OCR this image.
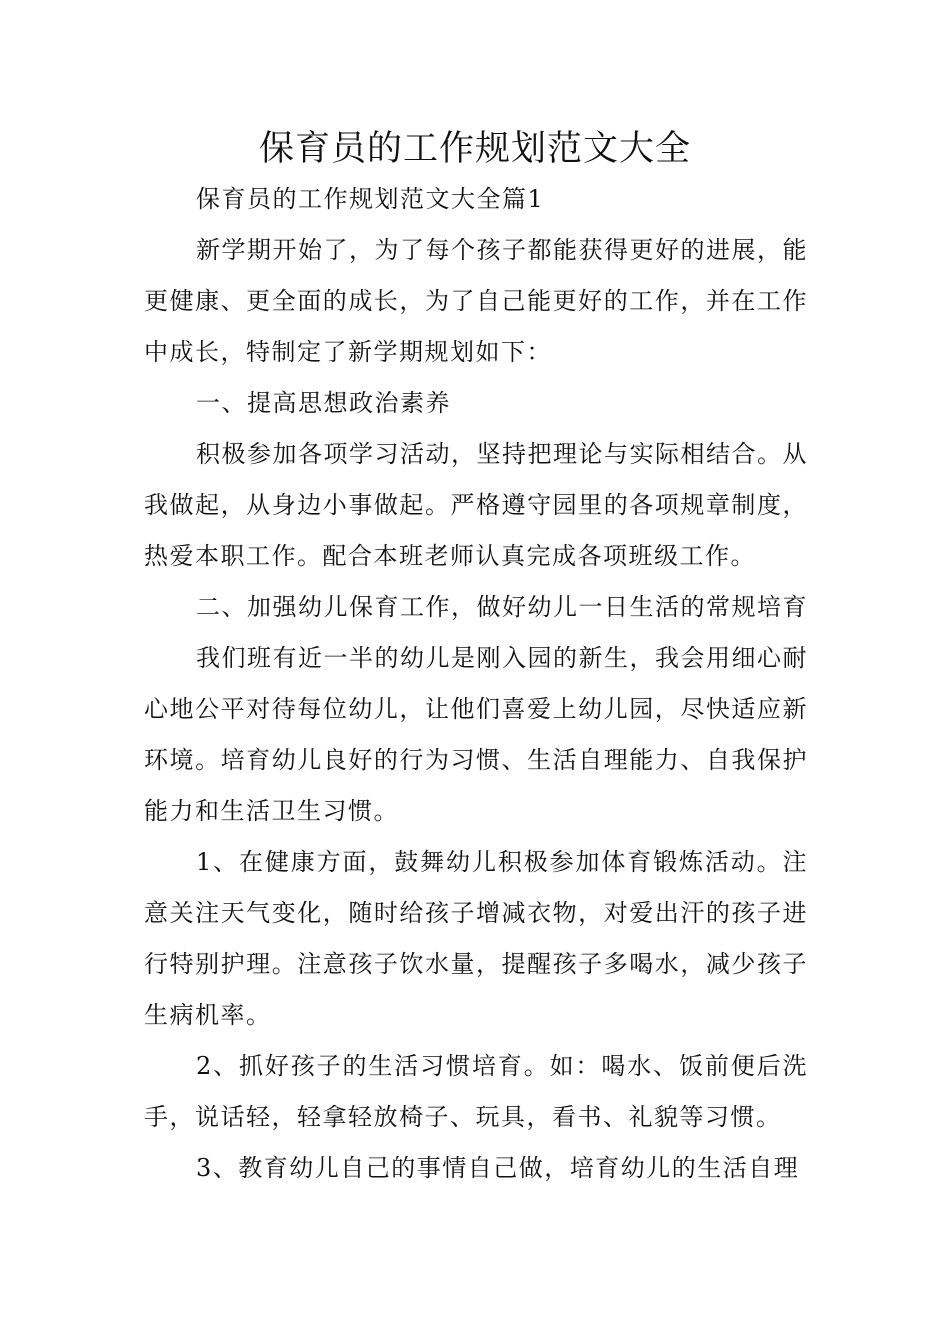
保育员的工作规划范文大全

保育员的工作规划范文大全篇1

新学期开始了，为了每个孩子都能获得更好的进展，能更健康、更全面的成长，为了自己能更好的工作，并在工作中成长，特制定了新学期规划如下：

一、提高思想政治素养

积极参加各项学习活动，坚持把理论与实际相结合。从我做起，从身边小事做起。严格遵守园里的各项规章制度，热爱本职工作。配合本班老师认真完成各项班级工作。

二、加强幼儿保育工作，做好幼儿一日生活的常规培育

我们班有近一半的幼儿是刚入园的新生，我会用细心耐心地公平对待每位幼儿，让他们喜爱上幼儿园，尽快适应新环境。培育幼儿良好的行为习惯、生活自理能力、自我保护能力和生活卫生习惯。

1、在健康方面，鼓舞幼儿积极参加体育锻炼活动。注意关注天气变化，随时给孩子增减衣物，对爱出汗的孩子进行特别护理。注意孩子饮水量，提醒孩子多喝水，减少孩子生病机率。

2、抓好孩子的生活习惯培育。如：喝水、饭前便后洗手，说话轻，轻拿轻放椅子、玩具，看书、礼貌等习惯。

3、教育幼儿自己的事情自己做，培育幼儿的生活自理
